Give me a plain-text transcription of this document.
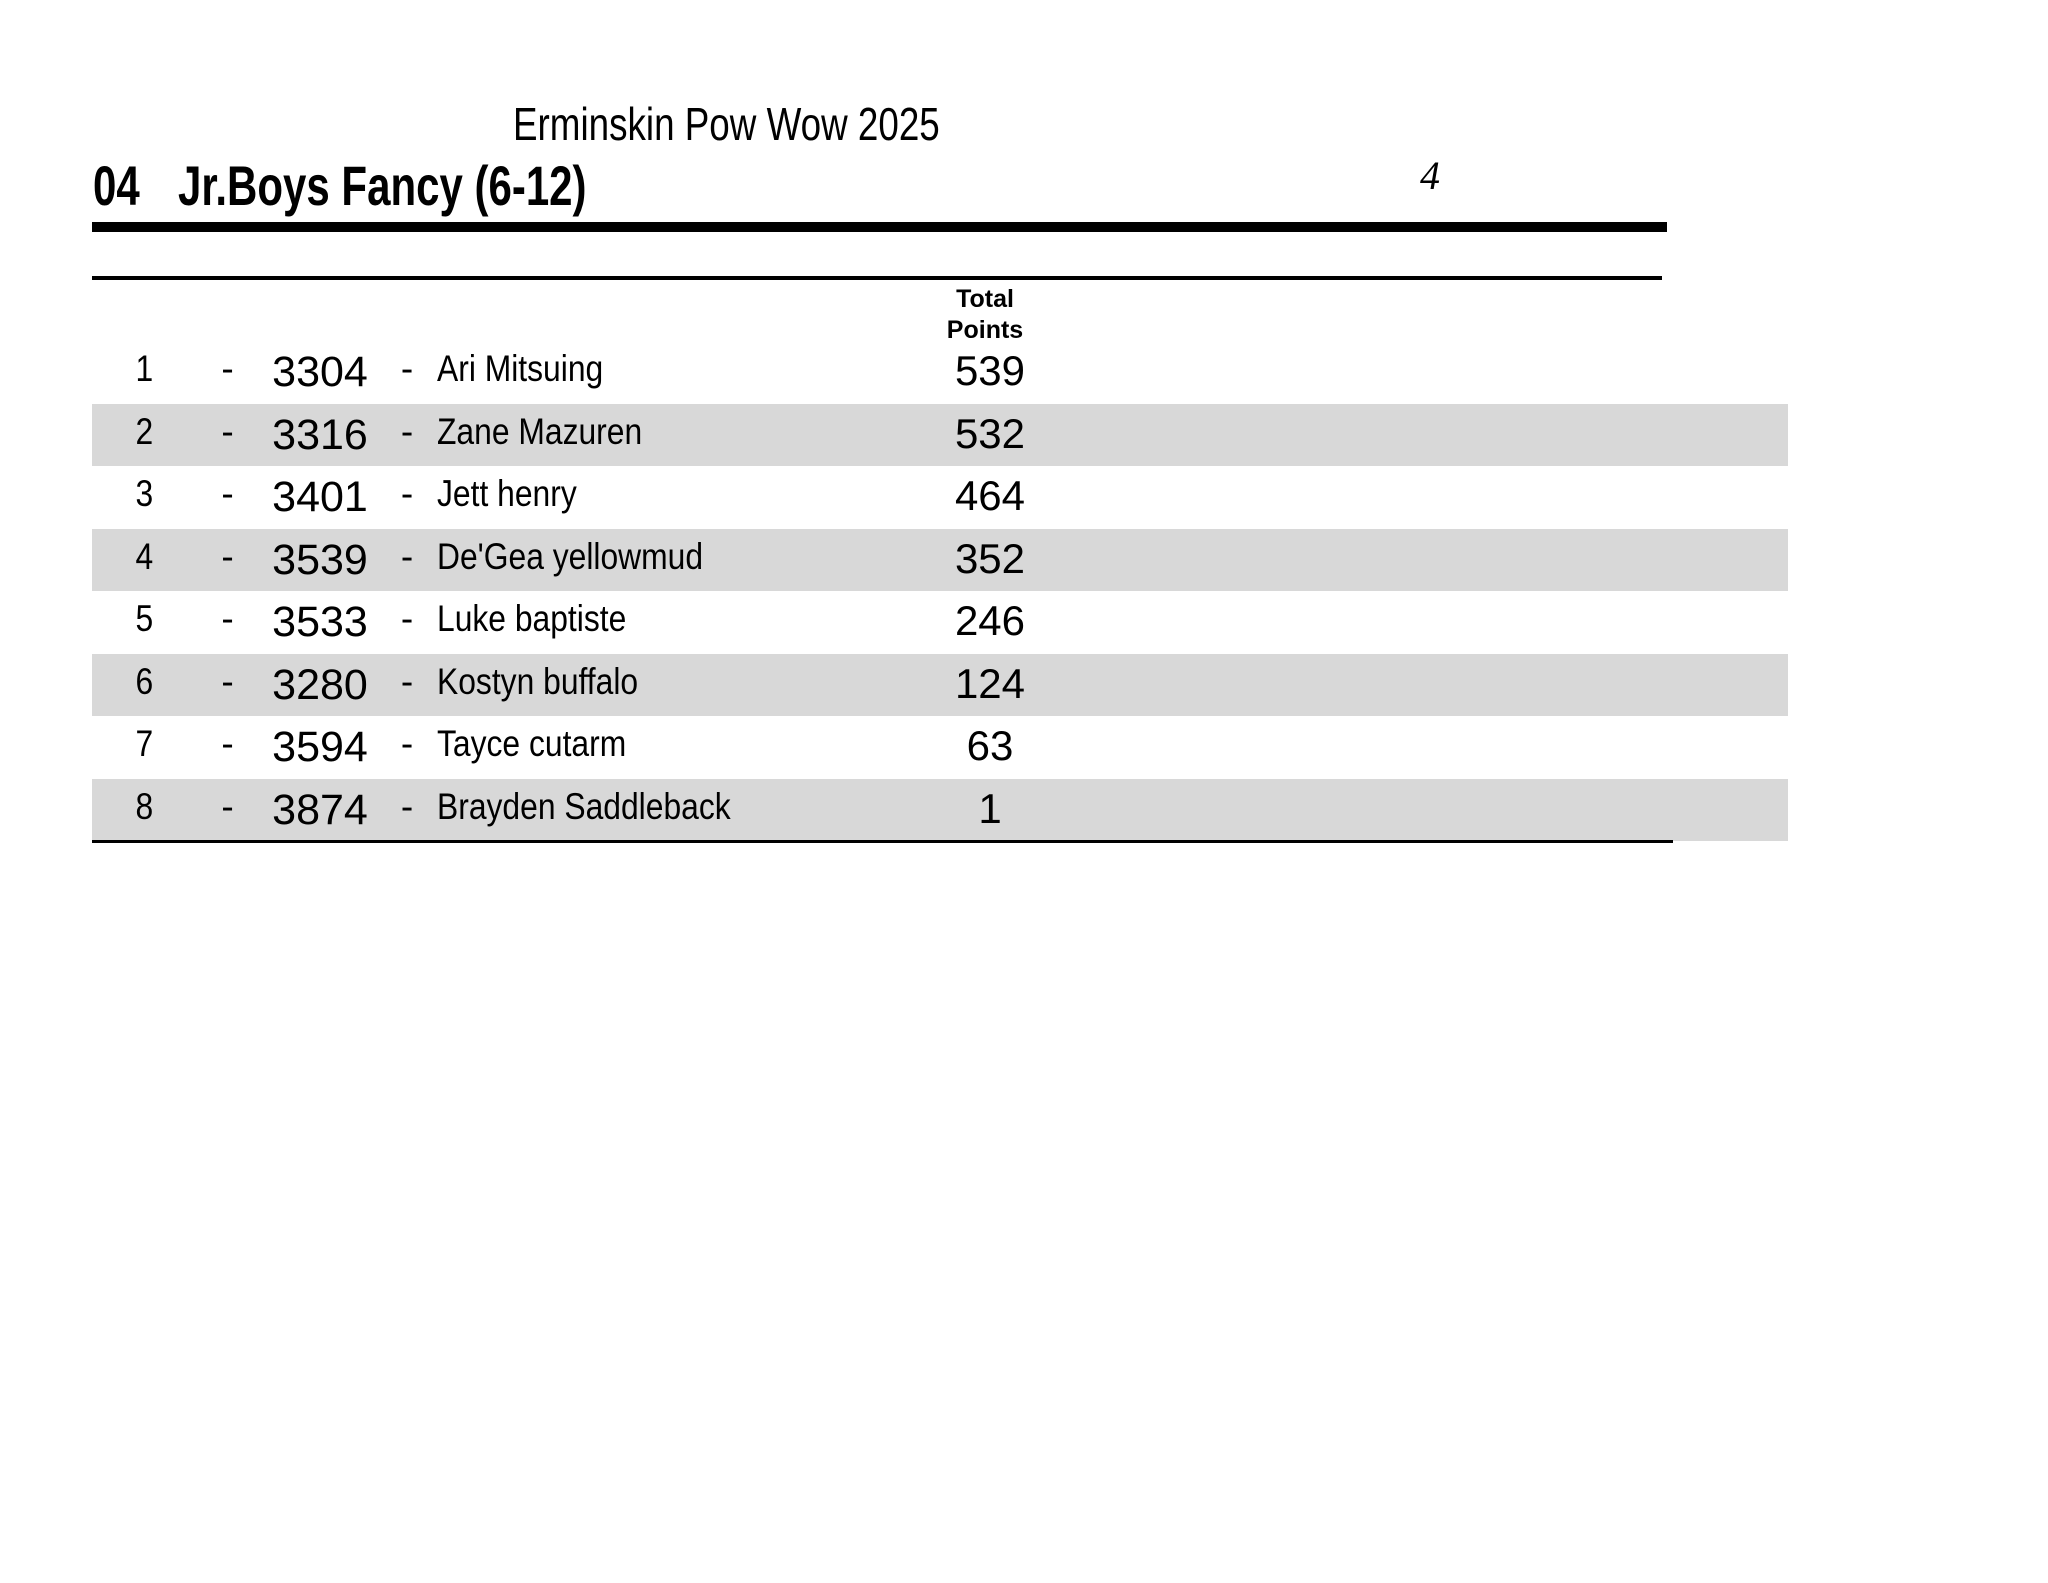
Erminskin Pow Wow 2025
04 Jr.Boys Fancy (6-12)	4
Total
Points
1	- 3304 - Ari Mitsuing	539
2	- 3316 - Zane Mazuren	532
3	- 3401 - Jett henry	464
4	- 3539 - De'Gea yellowmud	352
5	- 3533 - Luke baptiste	246
6	- 3280 - Kostyn buffalo	124
7	- 3594 - Tayce cutarm	63
8	- 3874 - Brayden Saddleback	1
